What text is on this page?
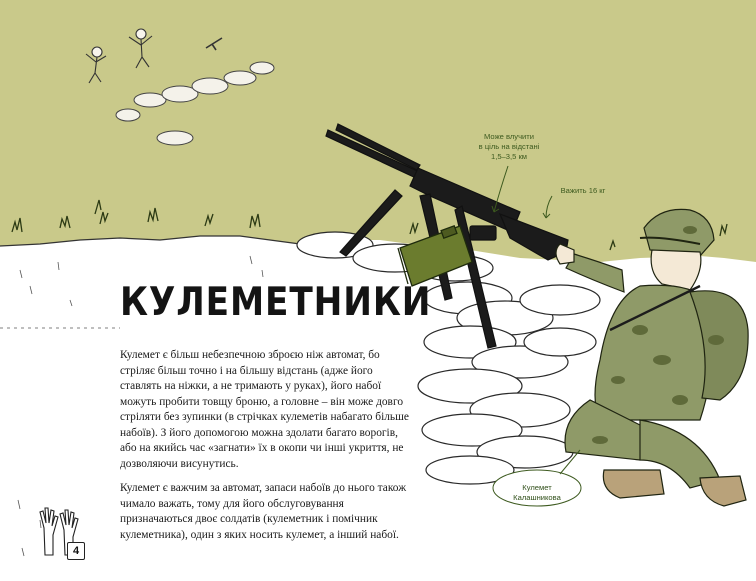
КУЛЕМЕТНИКИ

Кулемет є більш небезпечною зброєю ніж автомат, бо стріляє більш точно і на більшу відстань (адже його ставлять на ніжки, а не тримають у руках), його набої можуть пробити товщу броню, а головне – він може довго стріляти без зупинки (в стрічках кулеметів набагато більше набоїв). З його допомогою можна здолати багато ворогів, або на якийсь час «загнати» їх в окопи чи інші укриття, не дозволяючи висунутись.

Кулемет є важчим за автомат, запаси набоїв до нього також чимало важать, тому для його обслуговування призначаються двоє солдатів (кулеметник і помічник кулеметника), один з яких носить кулемет, а інший набої.

Може влучити
в ціль на відстані
1,5–3,5 км
Важить 16 кг
Кулемет
Калашникова
4
